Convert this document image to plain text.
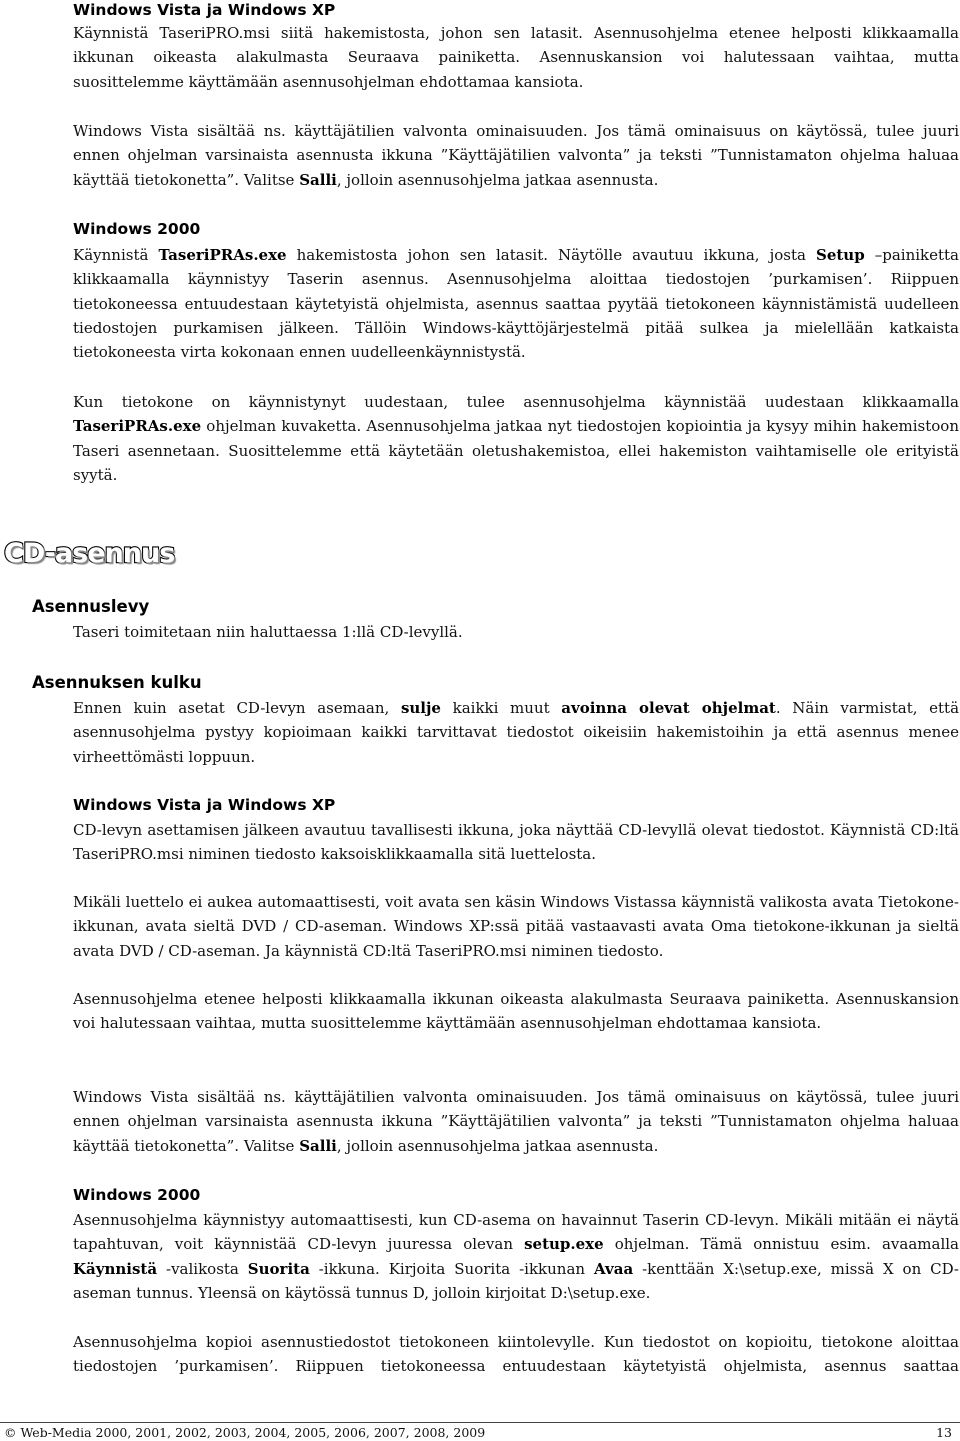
Windows Vista ja Windows XP
Käynnistä TaseriPRO.msi siitä hakemistosta, johon sen latasit. Asennusohjelma etenee helposti klikkaamalla
ikkunan oikeasta alakulmasta Seuraava painiketta. Asennuskansion voi halutessaan vaihtaa, mutta
suosittelemme käyttämään asennusohjelman ehdottamaa kansiota.
Windows Vista sisältää ns. käyttäjätilien valvonta ominaisuuden. Jos tämä ominaisuus on käytössä, tulee juuri ennen ohjelman varsinaista asennusta ikkuna ”Käyttäjätilien valvonta” ja teksti ”Tunnistamaton ohjelma haluaa käyttää tietokonetta”. Valitse Salli, jolloin asennusohjelma jatkaa asennusta.
Windows 2000
Käynnistä TaseriPRAs.exe hakemistosta johon sen latasit. Näytölle avautuu ikkuna, josta Setup –painiketta klikkaamalla käynnistyy Taserin asennus. Asennusohjelma aloittaa tiedostojen ’purkamisen’. Riippuen tietokoneessa entuudestaan käytetyistä ohjelmista, asennus saattaa pyytää tietokoneen käynnistämistä uudelleen tiedostojen purkamisen jälkeen. Tällöin Windows-käyttöjärjestelmä pitää sulkea ja mielellään katkaista tietokoneesta virta kokonaan ennen uudelleenkäynnistystä.
Kun tietokone on käynnistynyt uudestaan, tulee asennusohjelma käynnistää uudestaan klikkaamalla TaseriPRAs.exe ohjelman kuvaketta. Asennusohjelma jatkaa nyt tiedostojen kopiointia ja kysyy mihin hakemistoon Taseri asennetaan. Suosittelemme että käytetään oletushakemistoa, ellei hakemiston vaihtamiselle ole erityistä syytä.
CD-asennus
Asennuslevy
Taseri toimitetaan niin haluttaessa 1:llä CD-levyllä.
Asennuksen kulku
Ennen kuin asetat CD-levyn asemaan, sulje kaikki muut avoinna olevat ohjelmat. Näin varmistat, että asennusohjelma pystyy kopioimaan kaikki tarvittavat tiedostot oikeisiin hakemistoihin ja että asennus menee virheettömästi loppuun.
Windows Vista ja Windows XP
CD-levyn asettamisen jälkeen avautuu tavallisesti ikkuna, joka näyttää CD-levyllä olevat tiedostot. Käynnistä CD:ltä TaseriPRO.msi niminen tiedosto kaksoisklikkaamalla sitä luettelosta.
Mikäli luettelo ei aukea automaattisesti, voit avata sen käsin Windows Vistassa käynnistä valikosta avata Tietokone-ikkunan, avata sieltä DVD / CD-aseman. Windows XP:ssä pitää vastaavasti avata Oma tietokone-ikkunan ja sieltä avata DVD / CD-aseman. Ja käynnistä CD:ltä TaseriPRO.msi niminen tiedosto.
Asennusohjelma etenee helposti klikkaamalla ikkunan oikeasta alakulmasta Seuraava painiketta. Asennuskansion voi halutessaan vaihtaa, mutta suosittelemme käyttämään asennusohjelman ehdottamaa kansiota.
Windows Vista sisältää ns. käyttäjätilien valvonta ominaisuuden. Jos tämä ominaisuus on käytössä, tulee juuri ennen ohjelman varsinaista asennusta ikkuna ”Käyttäjätilien valvonta” ja teksti ”Tunnistamaton ohjelma haluaa käyttää tietokonetta”. Valitse Salli, jolloin asennusohjelma jatkaa asennusta.
Windows 2000
Asennusohjelma käynnistyy automaattisesti, kun CD-asema on havainnut Taserin CD-levyn. Mikäli mitään ei näytä tapahtuvan, voit käynnistää CD-levyn juuressa olevan setup.exe ohjelman. Tämä onnistuu esim. avaamalla Käynnistä -valikosta Suorita -ikkuna. Kirjoita Suorita -ikkunan Avaa -kenttään X:\setup.exe, missä X on CD-aseman tunnus. Yleensä on käytössä tunnus D, jolloin kirjoitat D:\setup.exe.
Asennusohjelma kopioi asennustiedostot tietokoneen kiintolevylle. Kun tiedostot on kopioitu, tietokone aloittaa tiedostojen ’purkamisen’. Riippuen tietokoneessa entuudestaan käytetyistä ohjelmista, asennus saattaa
© Web-Media 2000, 2001, 2002, 2003, 2004, 2005, 2006, 2007, 2008, 2009	13
